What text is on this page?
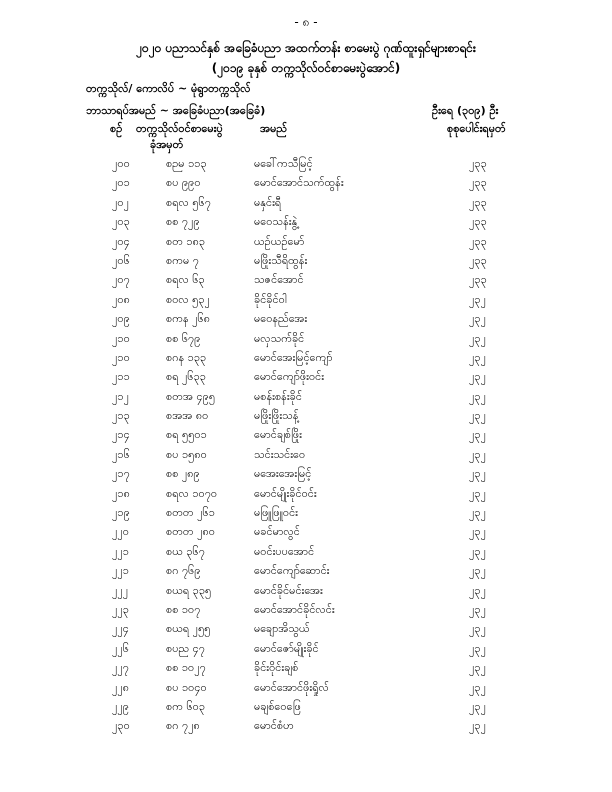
- ၈ -
၂၀၂၀ ပညာသင်နှစ် အခြေခံပညာ အထက်တန်း စာမေးပွဲ ဂုဏ်ထူးရှင်များစာရင်း
(၂၀၁၉ ခုနှစ် တက္ကသိုလ်ဝင်စာမေးပွဲအောင်)
တက္ကသိုလ်/ ကောလိပ် ~ မုံရွာတက္ကသိုလ်
ဘာသာရပ်အမည် ~ အခြေခံပညာ(အခြေခံ)	ဦးရေ (၃၀၉) ဦး
စဉ် တက္ကသိုလ်ဝင်စာမေးပွဲ
ခုံအမှတ်
အမည်	စုစုပေါင်းရမှတ်
၂၀၀	စဉမ ၁၁၃	မခေါ်ကသီမြင့်	၂၃၃
၂၀၁	စပ ၉၉၀	မောင်အောင်သက်ထွန်း	၂၃၃
၂၀၂	စရလ ၅၆၇	မနှင်းရီ	၂၃၃
၂၀၃	စစ ၇၂၉	မဝေသန်းနွဲ့	၂၃၃
၂၀၄	စတ ၁၈၃	ယဉ်ယဉ်မော်	၂၃၃
၂၀၆	စကမ ၇	မဖြိုးသီရိထွန်း	၂၃၃
၂၀၇	စရလ ၆၃	သဇင်အောင်	၂၃၃
၂၀၈	စဝလ ၅၃၂	ခိုင်ခိုင်ဝါ	၂၃၂
၂၀၉	စကန ၂၆၈	မဝေနည်အေး	၂၃၂
၂၁၀	စစ ၆၇၉	မလှသက်ခိုင်	၂၃၂
၂၁၀	စဂန ၁၃၃	မောင်အေးမြင့်ကျော်	၂၃၂
၂၁၁	စရ ၂၆၃၃	မောင်ကျော်ဖိုးဝင်း	၂၃၂
၂၁၂	စတအ ၄၉၅	မစန်းစန်းခိုင်	၂၃၂
၂၁၃	စအအ ၈၀	မဖြိုးဖြိုးသန့်	၂၃၂
၂၁၄	စရ ၅၅၀၁	မောင်ချစ်ဖြိုး	၂၃၂
၂၁၆	စပ ၁၅၈၀	သင်းသင်းဝေ	၂၃၂
၂၁၇	စစ ၂၈၉	မအေးအေးမြင့်	၂၃၂
၂၁၈	စရလ ၁၀၇၀	မောင်မျိုးခိုင်ဝင်း	၂၃၂
၂၁၉	စတတ ၂၆၁	မဖြူဖြူဝင်း	၂၃၂
၂၂၀	စတတ ၂၈၀	မခင်မာလွင်	၂၃၂
၂၂၁	စယ ၃၆၇	မဝင်းပပအောင်	၂၃၂
၂၂၁	စဂ ၇၆၉	မောင်ကျော်ဆောင်း	၂၃၂
၂၂၂	စယရ ၃၃၅	မောင်ခိုင်မင်းအေး	၂၃၂
၂၂၃	စစ ၁၀၇	မောင်အောင်ခိုင်လင်း	၂၃၂
၂၂၄	စယရ ၂၅၅	မချောအိသွယ်	၂၃၂
၂၂၆	စပည ၄၇	မောင်ဇော်မျိုးခိုင်	၂၃၂
၂၂၇	စစ ၁၀၂၇	ခိုင်းဝိုင်းချစ်	၂၃၂
၂၂၈	စပ ၁၀၄၀	မောင်အောင်ဖိုးရှိုလ်	၂၃၂
၂၂၉	စက ၆၀၃	မချစ်ဝေဖြေ	၂၃၂
၂၃၀	စဂ ၇၂၈	မောင်စံဟ	၂၃၂
